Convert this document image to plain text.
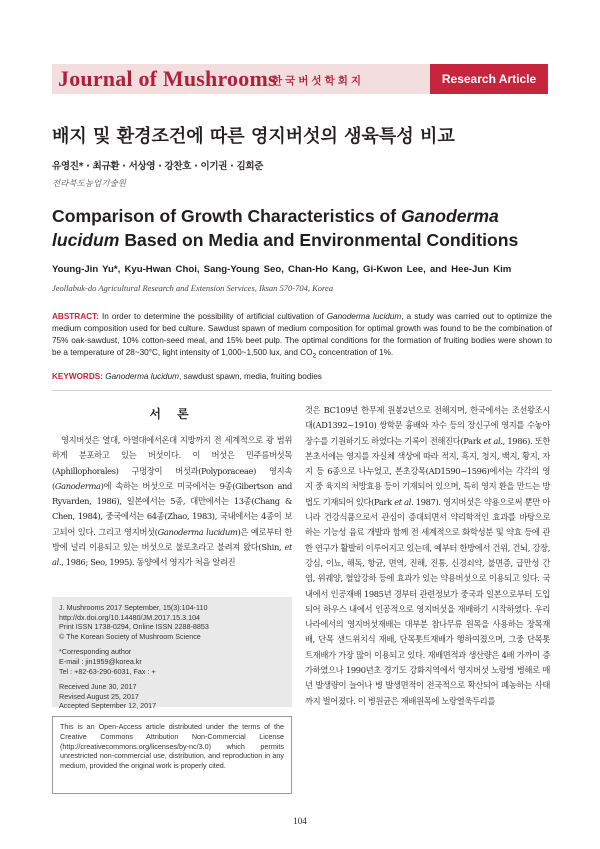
Journal of Mushrooms
한국버섯학회지	Research Article
배지 및 환경조건에 따른 영지버섯의 생육특성 비교
유영진* · 최규환 · 서상영 · 강찬호 · 이기권 · 김희준
전라북도농업기술원
Comparison of Growth Characteristics of Ganoderma lucidum Based on Media and Environmental Conditions
Young-Jin Yu*, Kyu-Hwan Choi, Sang-Young Seo, Chan-Ho Kang, Gi-Kwon Lee, and Hee-Jun Kim
Jeollabuk-do Agricultural Research and Extension Services, Iksan 570-704, Korea
ABSTRACT: In order to determine the possibility of artificial cultivation of Ganoderma lucidum, a study was carried out to optimize the medium composition used for bed culture. Sawdust spawn of medium composition for optimal growth was found to be the combination of 75% oak-sawdust, 10% cotton-seed meal, and 15% beet pulp. The optimal conditions for the formation of fruiting bodies were shown to be a temperature of 28~30°C, light intensity of 1,000~1,500 lux, and $CO_2$ concentration of 1%.
KEYWORDS: Ganoderma lucidum, sawdust spawn, media, fruiting bodies
서 론

영지버섯은 열대, 아열대에서온대 지방까지 전 세계적으로 광 범위하게 분포하고 있는 버섯이다. 이 버섯은 민주름버섯목(Aphillophorales) 구멍장이 버섯과(Polyporaceae) 영지속(Ganoderma)에 속하는 버섯으로 미국에서는 9종(Gibertson and Ryvarden, 1986), 일본에서는 5종, 대만에서는 13종(Chang & Chen, 1984), 중국에서는 64종(Zhao, 1983), 국내에서는 4종이 보고되어 있다. 그리고 영지버섯(Ganoderma lucidum)은 예로부터 한방에 널리 이용되고 있는 버섯으로 불로초라고 불려져 왔다(Shin, et al., 1986; Seo, 1995). 동양에서 영지가 처음 알려진

J. Mushrooms 2017 September, 15(3):104-110
http://dx.doi.org/10.14480/JM.2017.15.3.104
Print ISSN 1738-0294, Online ISSN 2288-8853
© The Korean Society of Mushroom Science
*Corresponding author
E-mail : jin1959@korea.kr
Tel : +82-63-290-6031, Fax : +
Received June 30, 2017
Revised August 25, 2017
Accepted September 12, 2017
This is an Open-Access article distributed under the terms of the Creative Commons Attribution Non-Commercial License (http://creativecommons.org/licenses/by-nc/3.0) which permits unrestricted non-commercial use, distribution, and reproduction in any medium, provided the original work is properly cited.

것은 BC109년 한무제 원봉2년으로 전해지며, 한국에서는 조선왕조시대(AD1392~1910) 쌍학문 흉배와 자수 등의 장신구에 영지를 수놓아 장수를 기원하기도 하였다는 기록이 전해진다(Park et al., 1986). 또한 본초서에는 영지를 자실체 색상에 따라 적지, 흑지, 청지, 백지, 황지, 자지 등 6종으로 나누었고, 본초강목(AD1590~1596)에서는 각각의 영지 중 육지의 처방효용 등이 기재되어 있으며, 특히 영지 환을 만드는 방법도 기재되어 있다(Park et al. 1987). 영지버섯은 약용으로써 뿐만 아니라 건강식품으로서 관심이 증대되면서 약리학적인 효과를 바탕으로 하는 기능성 음료 개발과 함께 전 세계적으로 화학성분 및 약효 등에 관한 연구가 활발히 이루어지고 있는데, 예부터 한방에서 건위, 건뇌, 강장, 강심, 이뇨, 해독, 항균, 면역, 진해, 진통, 신경쇠약, 불면증, 급만성 간염, 위궤양, 혈압강하 등에 효과가 있는 약용버섯으로 이용되고 있다. 국내에서 인공재배 1985년 경부터 관련정보가 중국과 일본으로부터 도입되어 하우스 내에서 인공적으로 영지버섯을 재배하기 시작하였다. 우리나라에서의 영지버섯재배는 대부분 참나무류 원목을 사용하는 장목재배, 단목 샌드위치식 재배, 단목톳트재배가 행하여졌으며, 그중 단목톳트재배가 가장 많이 이용되고 있다. 재배면적과 생산량은 4배 가까이 증가하였으나 1990년초 경기도 강화지역에서 영지버섯 노랑병 병해로 매년 발생량이 늘어나 병 발생면적이 전국적으로 확산되어 폐농하는 사태까지 벌어졌다. 이 병원균은 재배원목에 노랑열욱두리를

104
